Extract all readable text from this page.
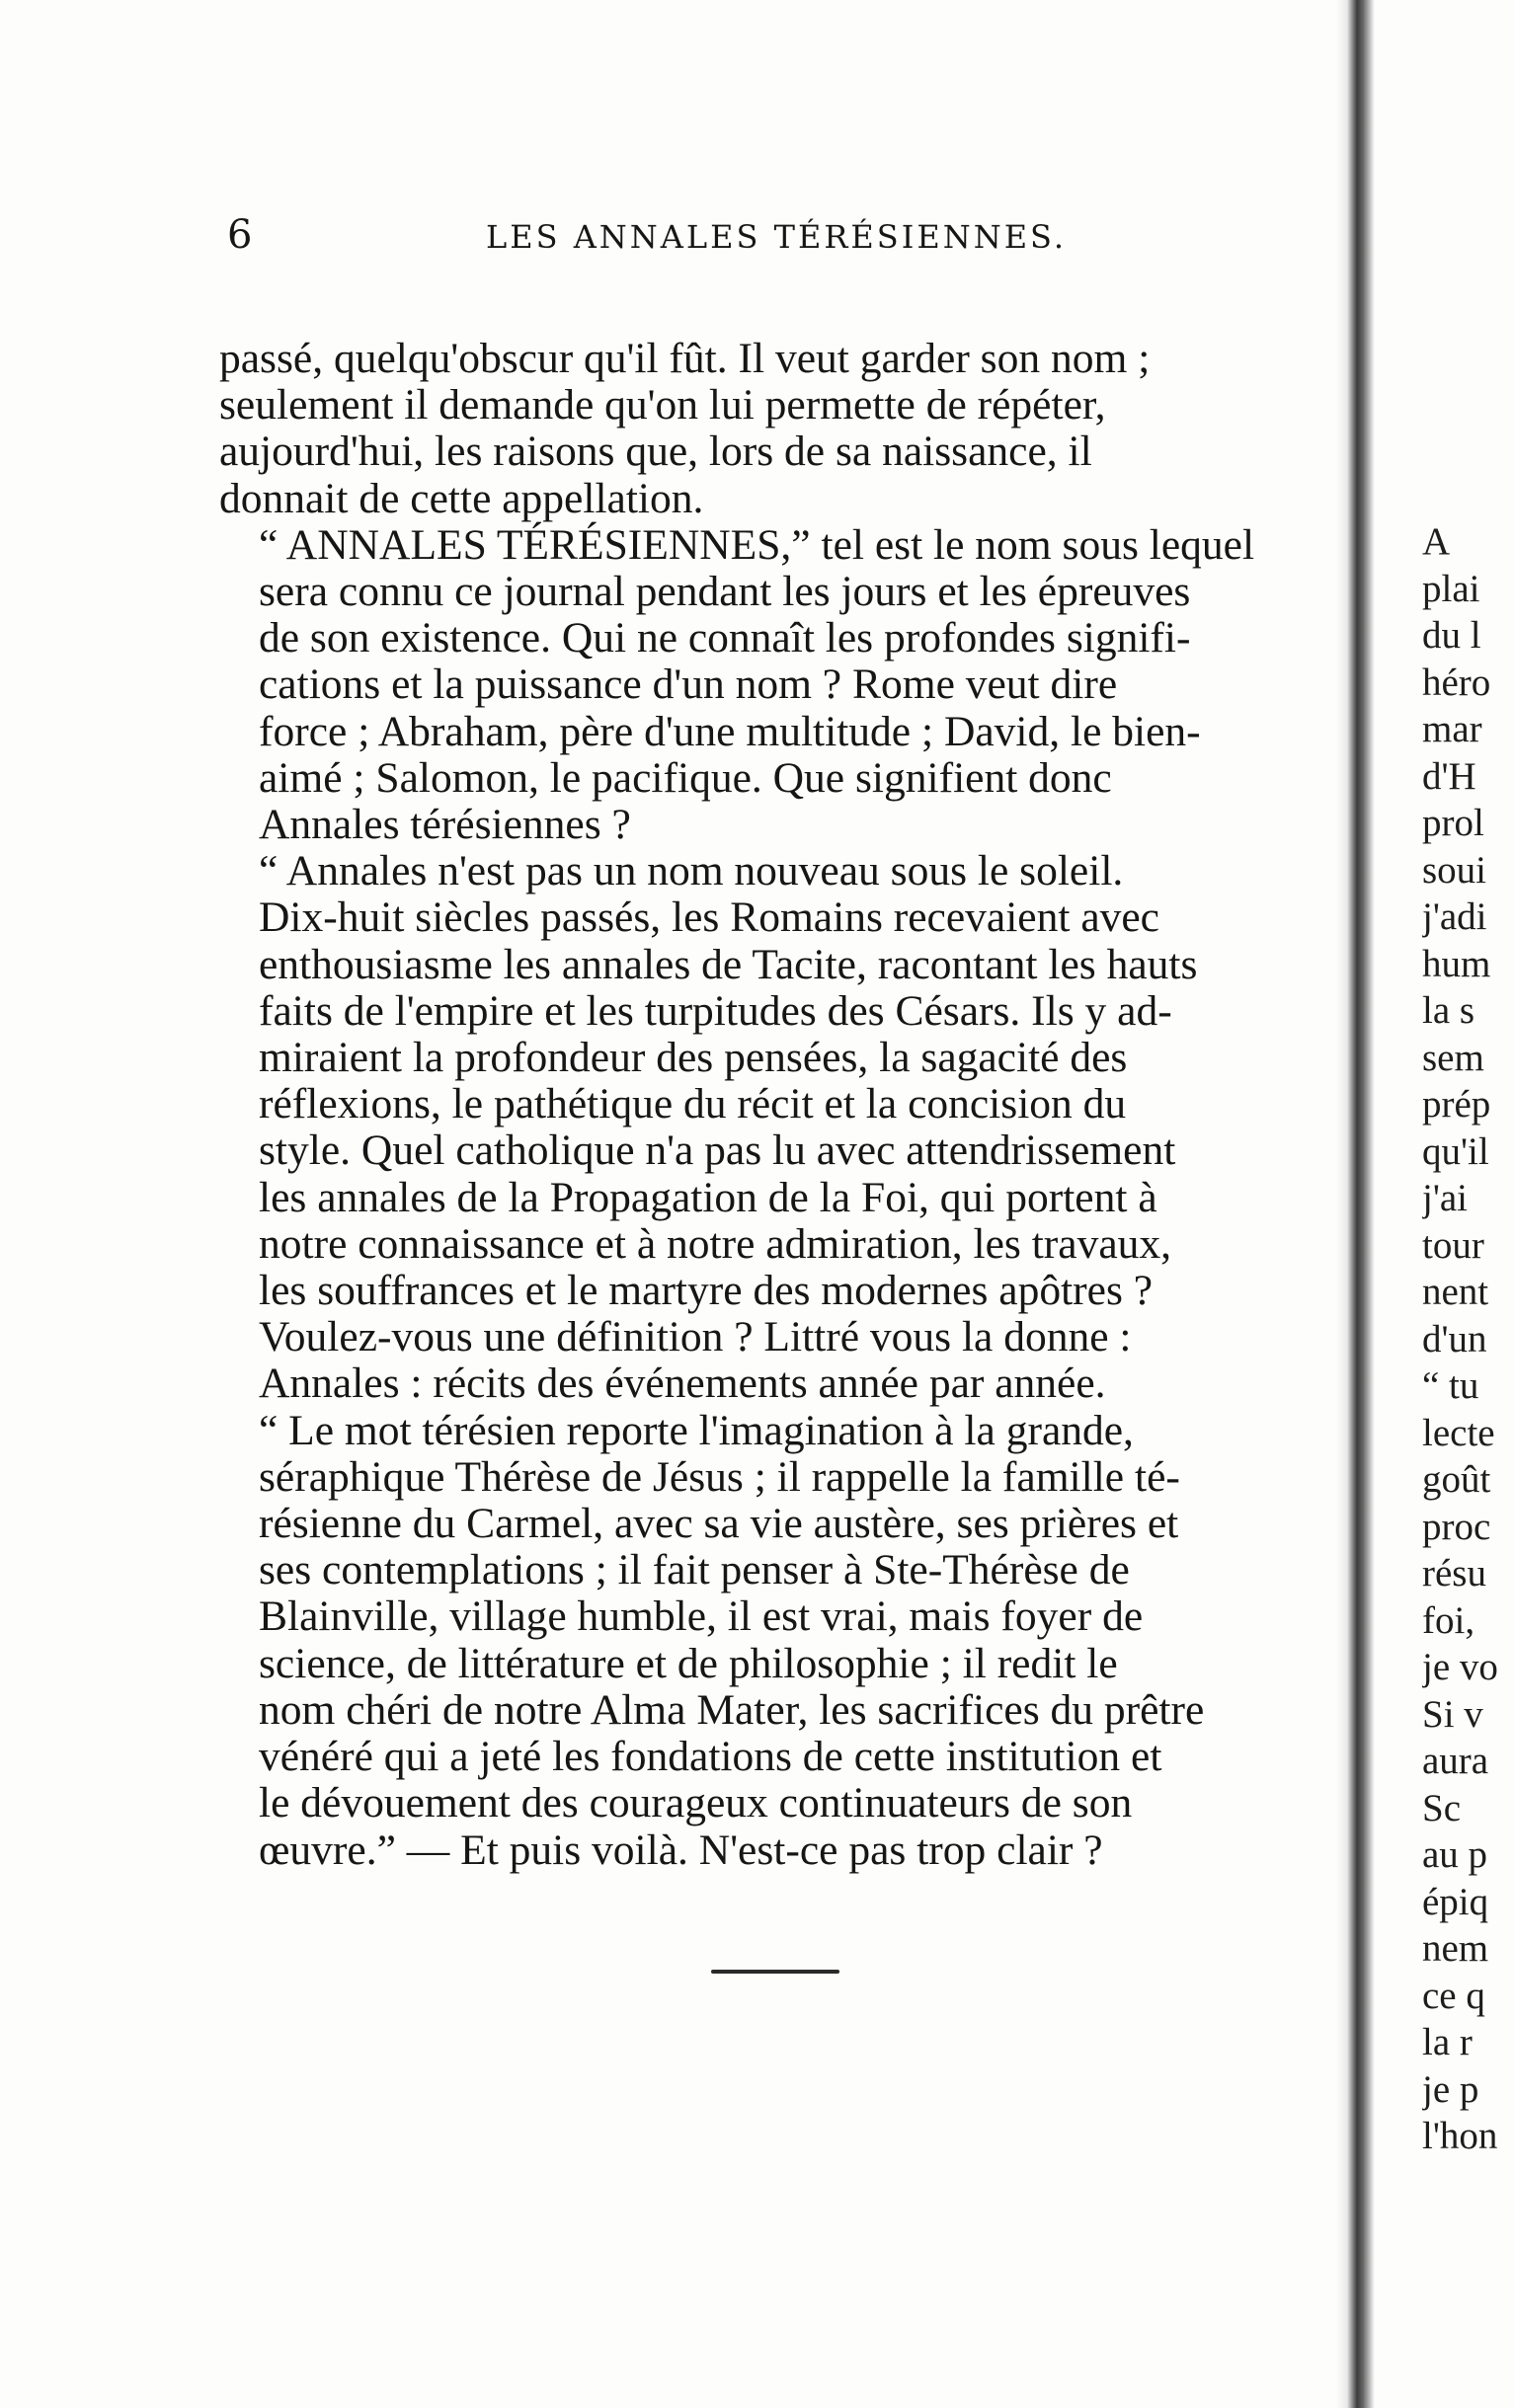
6	LES ANNALES TÉRÉSIENNES.

passé, quelqu'obscur qu'il fût. Il veut garder son nom ;
seulement il demande qu'on lui permette de répéter,
aujourd'hui, les raisons que, lors de sa naissance, il
donnait de cette appellation.

“ ANNALES TÉRÉSIENNES,” tel est le nom sous lequel
sera connu ce journal pendant les jours et les épreuves
de son existence. Qui ne connaît les profondes signifi-
cations et la puissance d'un nom ? Rome veut dire
force ; Abraham, père d'une multitude ; David, le bien-
aimé ; Salomon, le pacifique. Que signifient donc
Annales térésiennes ?

“ Annales n'est pas un nom nouveau sous le soleil.
Dix-huit siècles passés, les Romains recevaient avec
enthousiasme les annales de Tacite, racontant les hauts
faits de l'empire et les turpitudes des Césars. Ils y ad-
miraient la profondeur des pensées, la sagacité des
réflexions, le pathétique du récit et la concision du
style. Quel catholique n'a pas lu avec attendrissement
les annales de la Propagation de la Foi, qui portent à
notre connaissance et à notre admiration, les travaux,
les souffrances et le martyre des modernes apôtres ?
Voulez-vous une définition ? Littré vous la donne :
Annales : récits des événements année par année.

“ Le mot térésien reporte l'imagination à la grande,
séraphique Thérèse de Jésus ; il rappelle la famille té-
résienne du Carmel, avec sa vie austère, ses prières et
ses contemplations ; il fait penser à Ste-Thérèse de
Blainville, village humble, il est vrai, mais foyer de
science, de littérature et de philosophie ; il redit le
nom chéri de notre Alma Mater, les sacrifices du prêtre
vénéré qui a jeté les fondations de cette institution et
le dévouement des courageux continuateurs de son
œuvre.” — Et puis voilà. N'est-ce pas trop clair ?

A
plai
du l
héro
mar
d'H
prol
soui
j'adi
hum
la s
sem
prép
qu'il
j'ai
tour
nent
d'un
“ tu
lecte
goût
proc
résu
foi,
je vo
Si v
aura
Sc
au p
épiq
nem
ce q
la r
je p
l'hon
